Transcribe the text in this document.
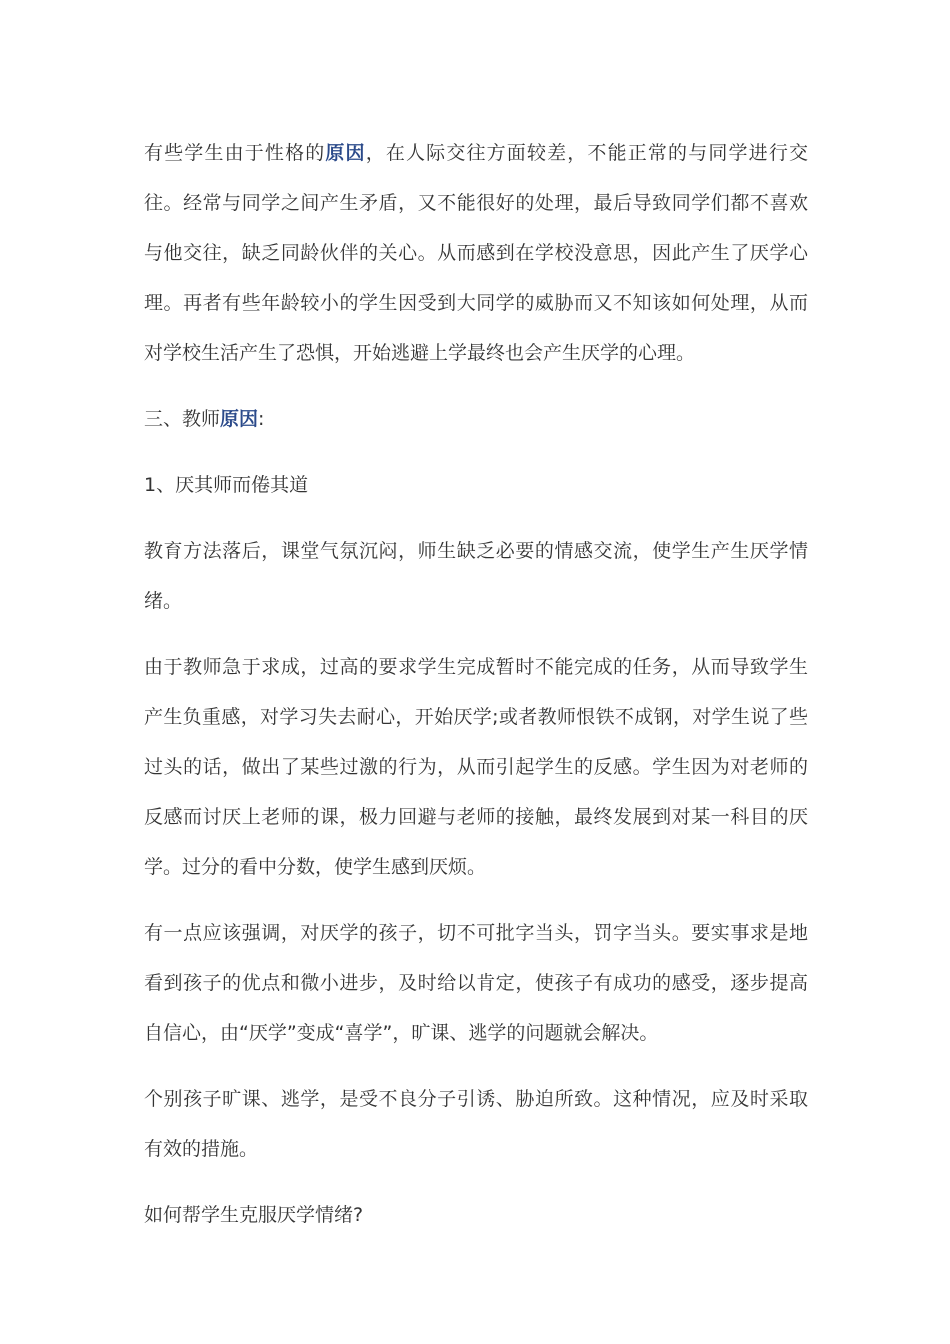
有些学生由于性格的原因，在人际交往方面较差，不能正常的与同学进行交往。经常与同学之间产生矛盾，又不能很好的处理，最后导致同学们都不喜欢与他交往，缺乏同龄伙伴的关心。从而感到在学校没意思，因此产生了厌学心理。再者有些年龄较小的学生因受到大同学的威胁而又不知该如何处理，从而对学校生活产生了恐惧，开始逃避上学最终也会产生厌学的心理。

三、教师原因:

1、厌其师而倦其道

教育方法落后，课堂气氛沉闷，师生缺乏必要的情感交流，使学生产生厌学情绪。

由于教师急于求成，过高的要求学生完成暂时不能完成的任务，从而导致学生产生负重感，对学习失去耐心，开始厌学;或者教师恨铁不成钢，对学生说了些过头的话，做出了某些过激的行为，从而引起学生的反感。学生因为对老师的反感而讨厌上老师的课，极力回避与老师的接触，最终发展到对某一科目的厌学。过分的看中分数，使学生感到厌烦。

有一点应该强调，对厌学的孩子，切不可批字当头，罚字当头。要实事求是地看到孩子的优点和微小进步，及时给以肯定，使孩子有成功的感受，逐步提高自信心，由“厌学”变成“喜学”，旷课、逃学的问题就会解决。

个别孩子旷课、逃学，是受不良分子引诱、胁迫所致。这种情况，应及时采取有效的措施。

如何帮学生克服厌学情绪?
